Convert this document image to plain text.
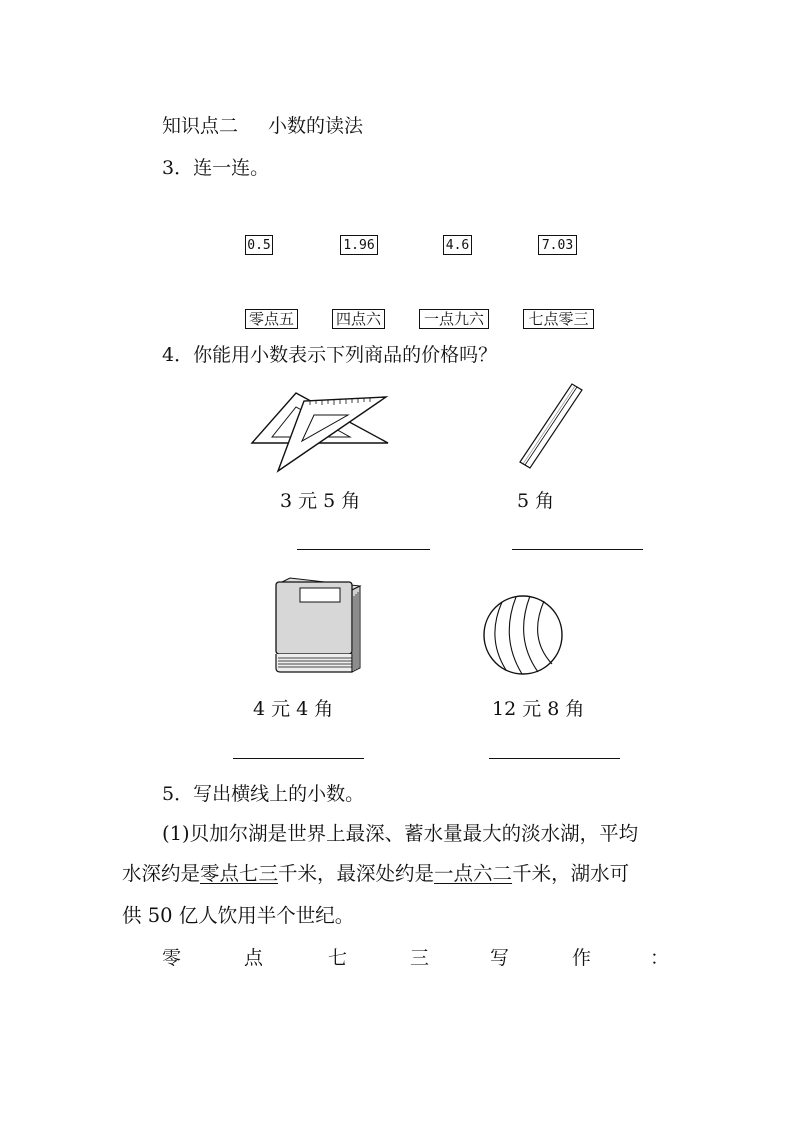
知识点二 小数的读法
3．连一连。
0.5	1.96	4.6	7.03
零点五	四点六	一点九六	七点零三
4．你能用小数表示下列商品的价格吗？
3 元 5 角	5 角
4 元 4 角	12 元 8 角
5．写出横线上的小数。
(1)贝加尔湖是世界上最深、蓄水量最大的淡水湖，平均
水深约是零点七三千米，最深处约是一点六二千米，湖水可
供 50 亿人饮用半个世纪。
零	点	七	三	写	作	：
